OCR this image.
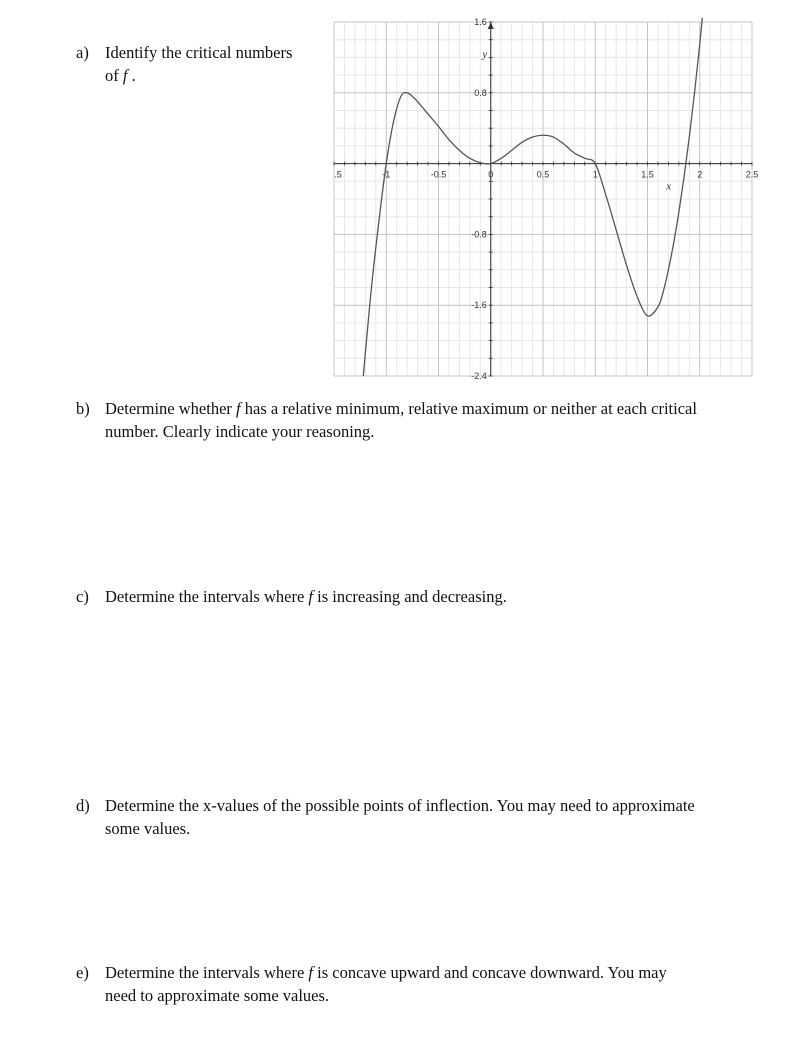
a) Identify the critical numbers
of f .
.5	-1	-0.5	0	0.5	1	1.5	2	2.5
1.6
0.8
-0.8
-1.6
-2.4
x
y
b) Determine whether f has a relative minimum, relative maximum or neither at each critical
number. Clearly indicate your reasoning.
c) Determine the intervals where f is increasing and decreasing.
d) Determine the x-values of the possible points of inflection. You may need to approximate
some values.
e) Determine the intervals where f is concave upward and concave downward. You may
need to approximate some values.
